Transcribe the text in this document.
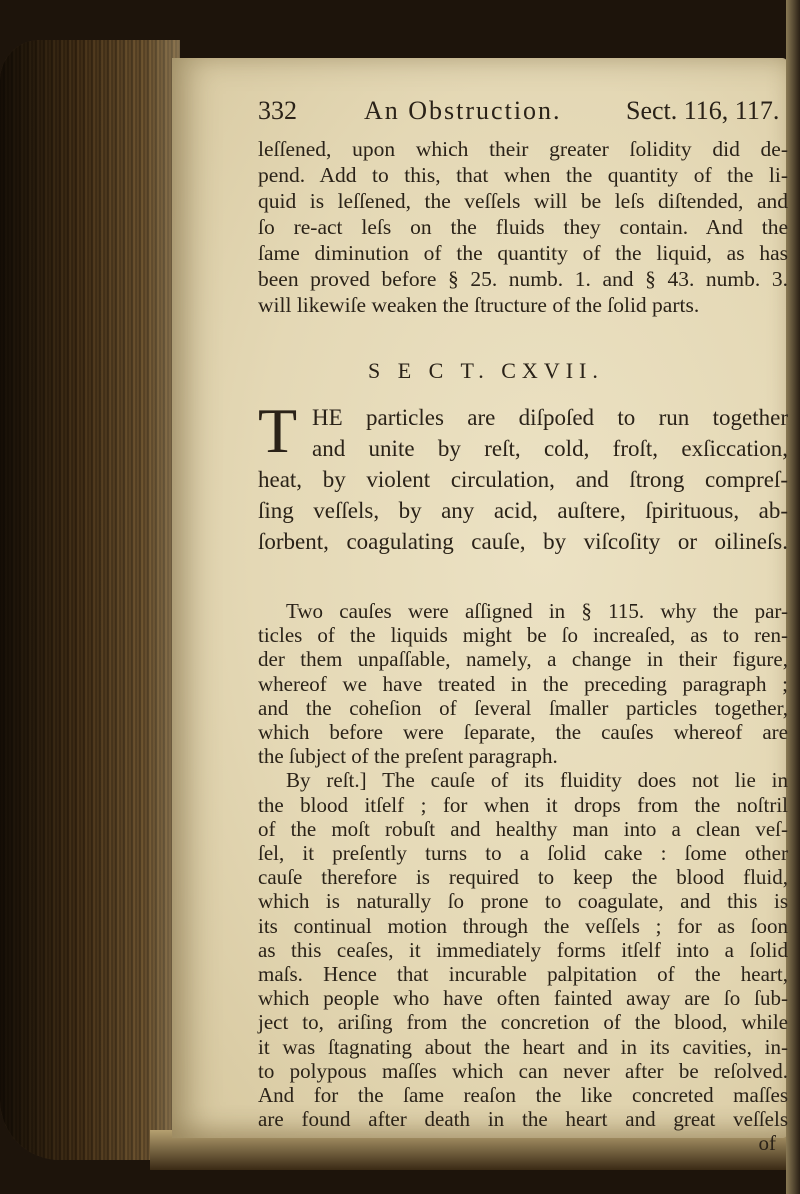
332	An Obstruction. Sect. 116, 117.
leſſened, upon which their greater ſolidity did de-
pend. Add to this, that when the quantity of the li-
quid is leſſened, the veſſels will be leſs diſtended, and
ſo re-act leſs on the fluids they contain. And the
ſame diminution of the quantity of the liquid, as has
been proved before § 25. numb. 1. and § 43. numb. 3.
will likewiſe weaken the ſtructure of the ſolid parts.
S E C T. CXVII.
T HE particles are diſpoſed to run together
and unite by reſt, cold, froſt, exſiccation,
heat, by violent circulation, and ſtrong compreſ-
ſing veſſels, by any acid, auſtere, ſpirituous, ab-
ſorbent, coagulating cauſe, by viſcoſity or oilineſs.
Two cauſes were aſſigned in § 115. why the par-
ticles of the liquids might be ſo increaſed, as to ren-
der them unpaſſable, namely, a change in their figure,
whereof we have treated in the preceding paragraph ;
and the coheſion of ſeveral ſmaller particles together,
which before were ſeparate, the cauſes whereof are
the ſubject of the preſent paragraph.
By reſt.] The cauſe of its fluidity does not lie in
the blood itſelf ; for when it drops from the noſtril
of the moſt robuſt and healthy man into a clean veſ-
ſel, it preſently turns to a ſolid cake : ſome other
cauſe therefore is required to keep the blood fluid,
which is naturally ſo prone to coagulate, and this is
its continual motion through the veſſels ; for as ſoon
as this ceaſes, it immediately forms itſelf into a ſolid
maſs. Hence that incurable palpitation of the heart,
which people who have often fainted away are ſo ſub-
ject to, ariſing from the concretion of the blood, while
it was ſtagnating about the heart and in its cavities, in-
to polypous maſſes which can never after be reſolved.
And for the ſame reaſon the like concreted maſſes
are found after death in the heart and great veſſels
of
